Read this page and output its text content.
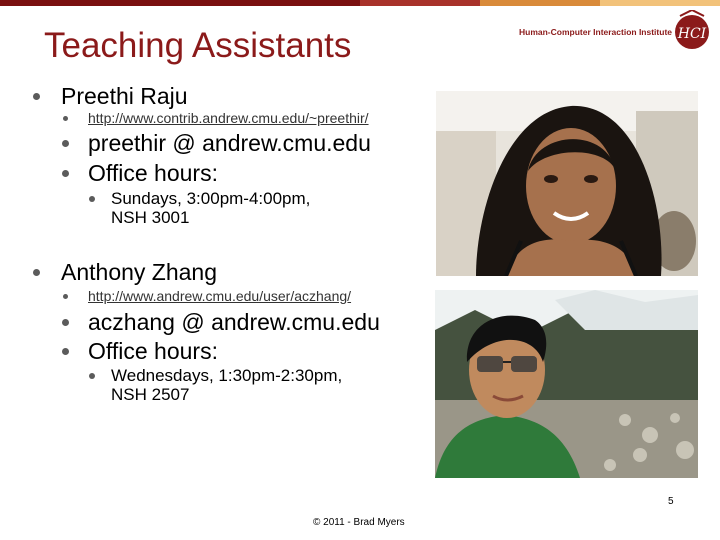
Teaching Assistants	Human-Computer Interaction Institute HCI
Preethi Raju
http://www.contrib.andrew.cmu.edu/~preethir/
preethir @ andrew.cmu.edu
Office hours:
Sundays, 3:00pm-4:00pm,
NSH 3001
Anthony Zhang
http://www.andrew.cmu.edu/user/aczhang/
aczhang @ andrew.cmu.edu
Office hours:
Wednesdays, 1:30pm-2:30pm,
NSH 2507
5
© 2011 - Brad Myers
